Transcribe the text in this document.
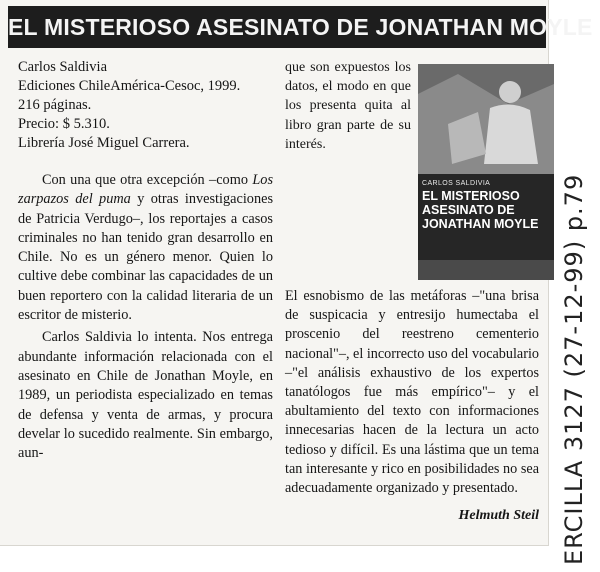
EL MISTERIOSO ASESINATO DE JONATHAN MOYLE
Carlos Saldivia
Ediciones ChileAmérica-Cesoc, 1999.
216 páginas.
Precio: $ 5.310.
Librería José Miguel Carrera.

Con una que otra excepción –como Los zarpazos del puma y otras investigaciones de Patricia Verdugo–, los reportajes a casos criminales no han tenido gran desarrollo en Chile. No es un género menor. Quien lo cultive debe combinar las capacidades de un buen reportero con la calidad literaria de un escritor de misterio.

Carlos Saldivia lo intenta. Nos entrega abundante información relacionada con el asesinato en Chile de Jonathan Moyle, en 1989, un periodista especializado en temas de defensa y venta de armas, y procura develar lo sucedido realmente. Sin embargo, aun-

que son expuestos los datos, el modo en que los presenta quita al libro gran parte de su interés.
CARLOS SALDIVIA
EL MISTERIOSO ASESINATO DE JONATHAN MOYLE
El esnobismo de las metáforas –"una brisa de suspicacia y entresijo humectaba el proscenio del reestreno cementerio nacional"–, el incorrecto uso del vocabulario –"el análisis exhaustivo de los expertos tanatólogos fue más empírico"– y el abultamiento del texto con informaciones innecesarias hacen de la lectura un acto tedioso y difícil. Es una lástima que un tema tan interesante y rico en posibilidades no sea adecuadamente organizado y presentado.
Helmuth Steil ERCILLA 3127 (27-12-99) p.79
